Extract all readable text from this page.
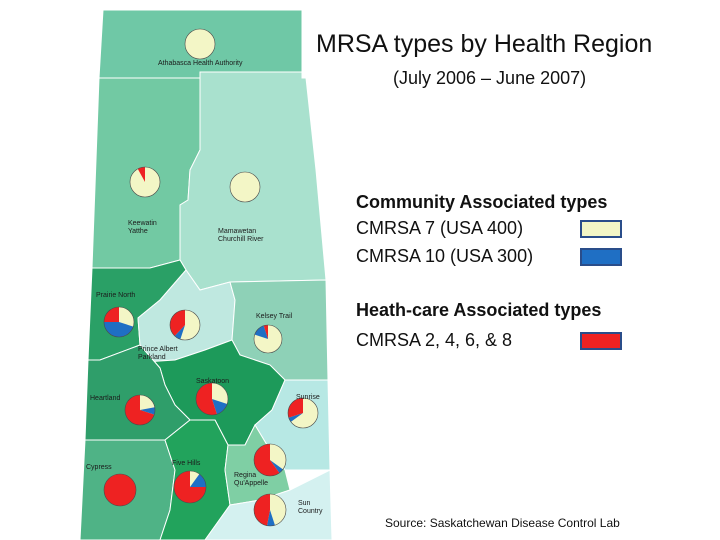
Athabasca Health Authority
Keewatin
Yatthe	Mamawetan
Churchill River
Prairie North
Prince Albert
Parkland
Kelsey Trail
Saskatoon
Heartland	Sunrise
Cypress
Five Hills
Regina
Qu'Appelle
Sun
Country
MRSA types by Health Region
(July 2006 – June 2007)
Community Associated types
CMRSA 7 (USA 400)
CMRSA 10 (USA 300)
Heath-care Associated types
CMRSA 2, 4, 6, & 8
Source: Saskatchewan Disease Control Lab
